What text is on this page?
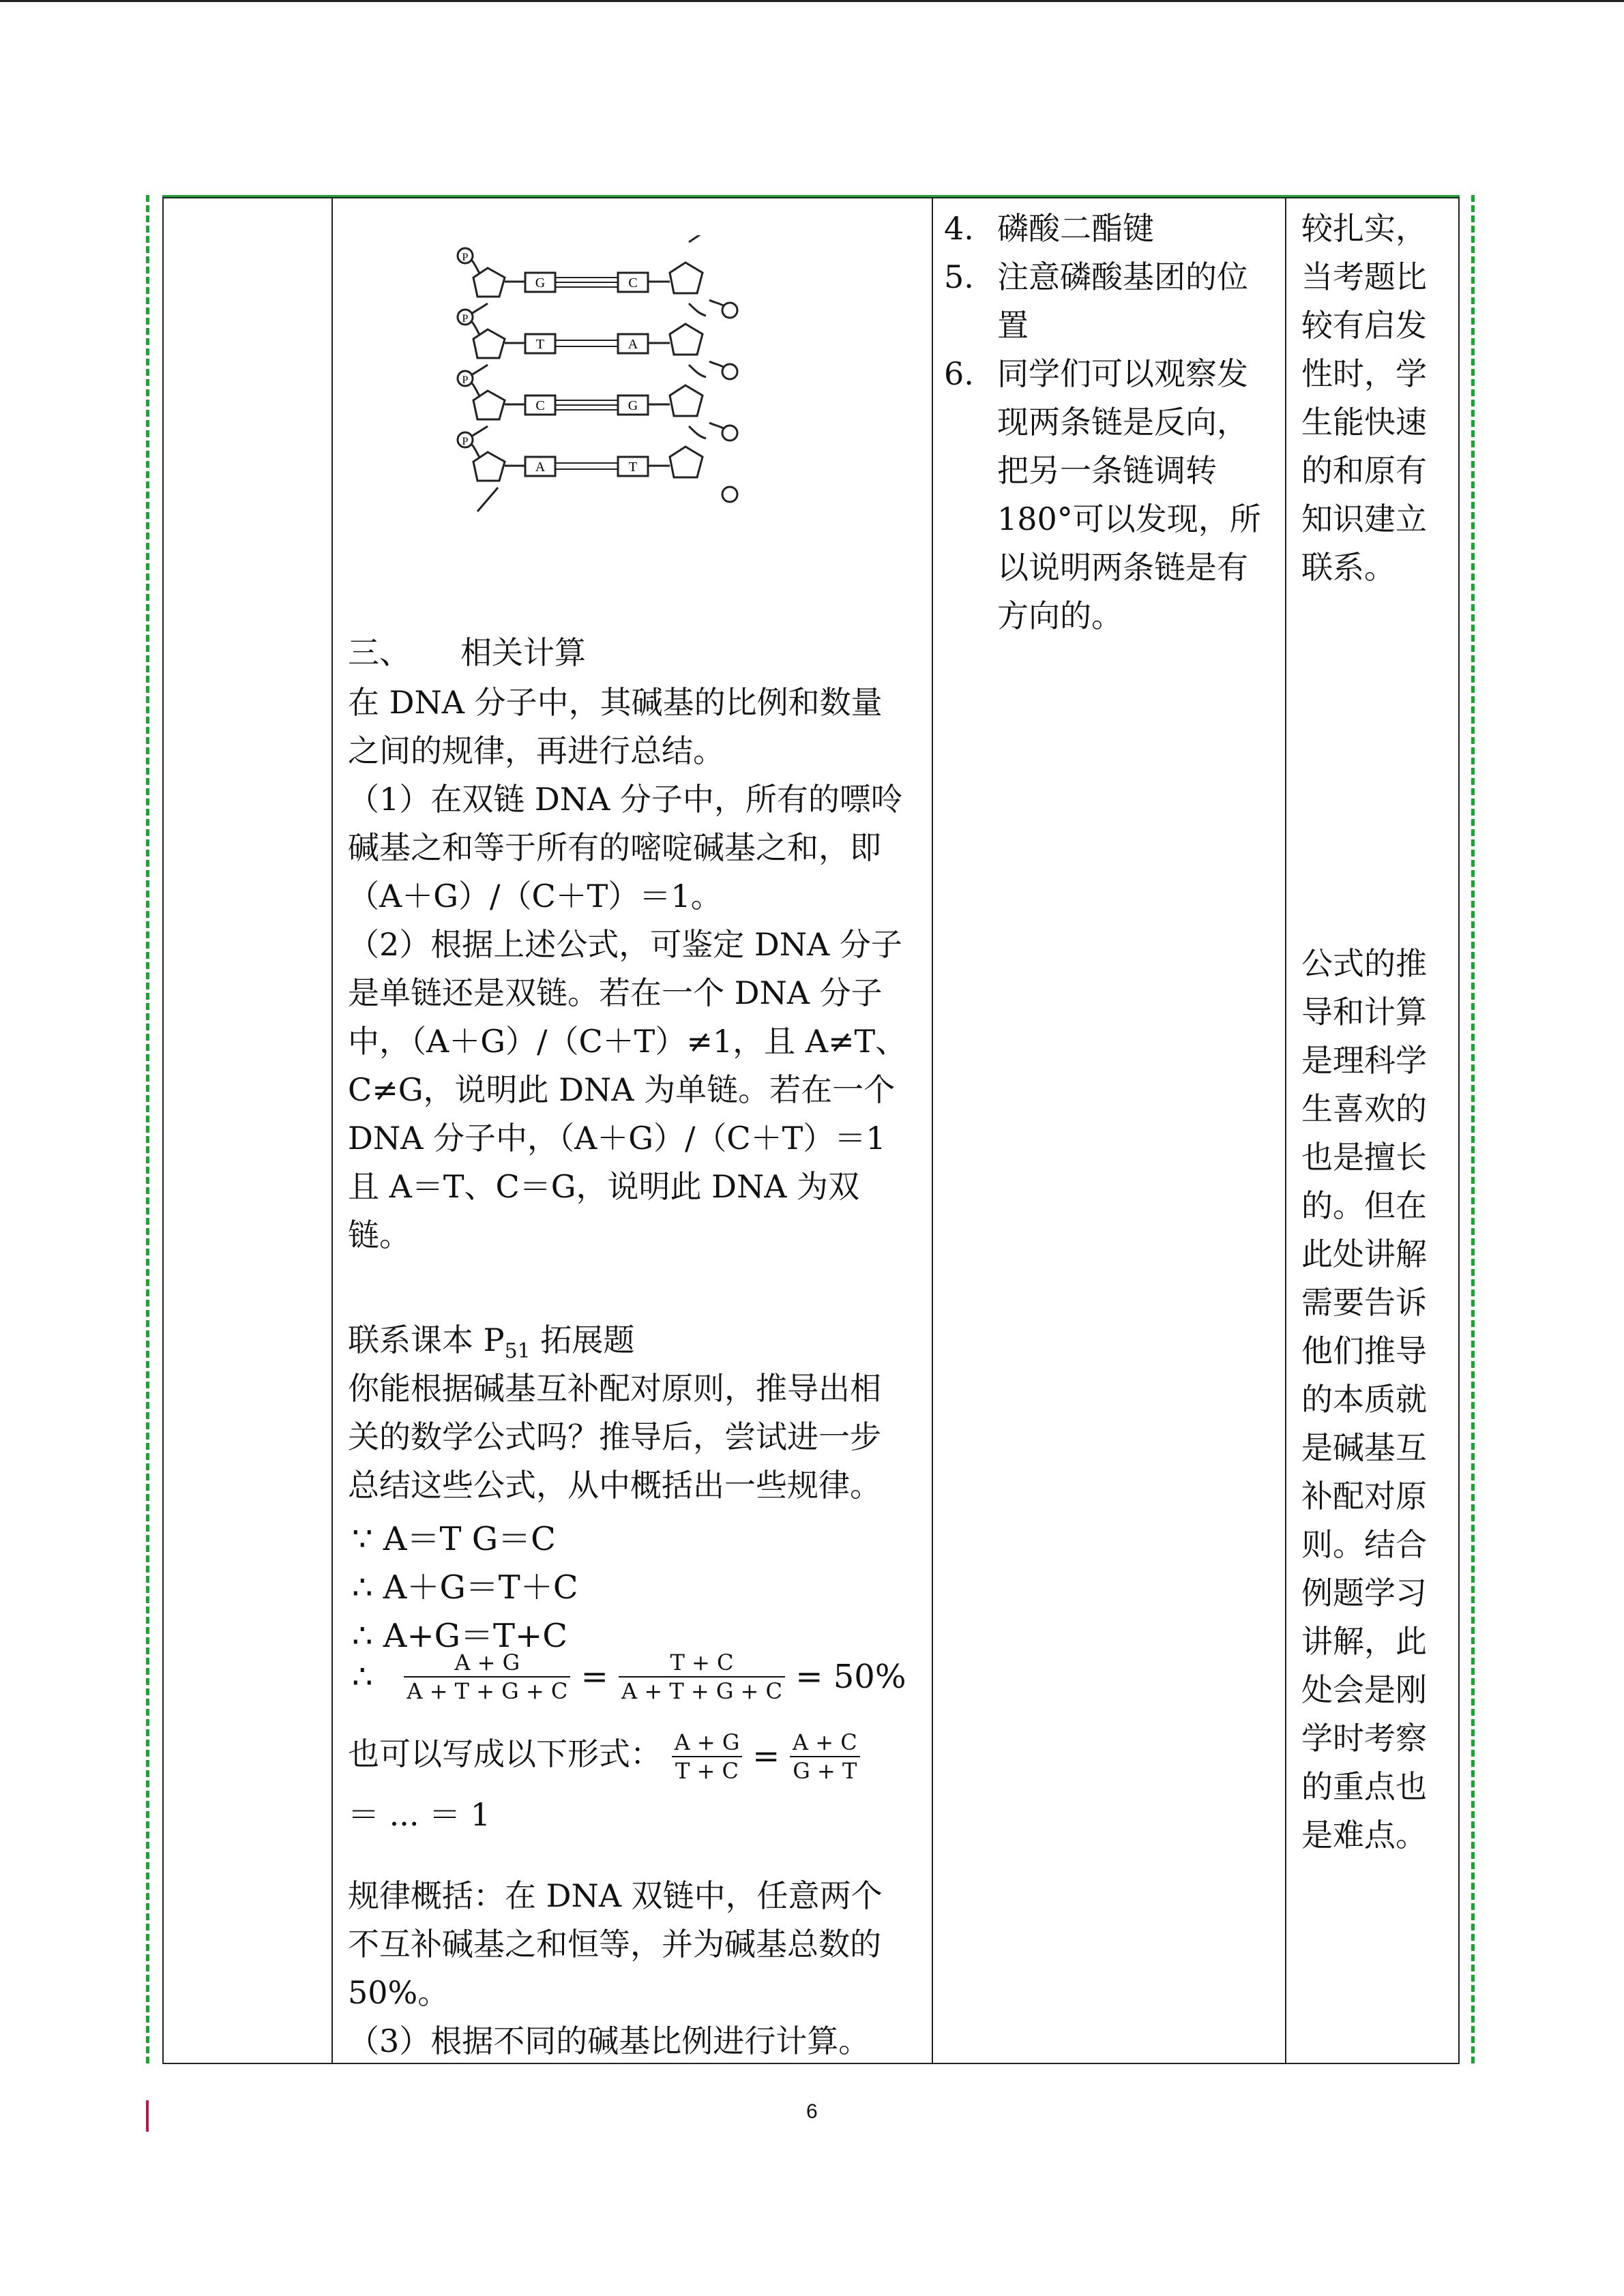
P
G	C
P
T	A
P
C	G
P
A	T
三、 相关计算
在 DNA 分子中，其碱基的比例和数量
之间的规律，再进行总结。
（1）在双链 DNA 分子中，所有的嘌呤
碱基之和等于所有的嘧啶碱基之和，即
（A＋G）/（C＋T）＝1。
（2）根据上述公式，可鉴定 DNA 分子
是单链还是双链。若在一个 DNA 分子
中，（A＋G）/（C＋T）≠1，且 A≠T、
C≠G，说明此 DNA 为单链。若在一个
DNA 分子中，（A＋G）/（C＋T）＝1
且 A＝T、C＝G，说明此 DNA 为双
链。
联系课本 $P_{51}$ 拓展题
你能根据碱基互补配对原则，推导出相
关的数学公式吗？推导后，尝试进一步
总结这些公式，从中概括出一些规律。
∵ A＝T G＝C
∴ A＋G＝T＋C
∴ A+G＝T+C
∴ $\frac{A + G}{A + T + G + C} = \frac{T + C}{A + T + G + C} = 50\%$
也可以写成以下形式： $\frac{A + G}{T + C} = \frac{A + C}{G + T}$
＝ ... ＝ 1
规律概括：在 DNA 双链中，任意两个
不互补碱基之和恒等，并为碱基总数的
50%。
（3）根据不同的碱基比例进行计算。
4. 磷酸二酯键
5. 注意磷酸基团的位
置
6. 同学们可以观察发
现两条链是反向，
把另一条链调转
180°可以发现，所
以说明两条链是有
方向的。
较扎实，
当考题比
较有启发
性时，学
生能快速
的和原有
知识建立
联系。
公式的推
导和计算
是理科学
生喜欢的
也是擅长
的。但在
此处讲解
需要告诉
他们推导
的本质就
是碱基互
补配对原
则。结合
例题学习
讲解，此
处会是刚
学时考察
的重点也
是难点。
6
